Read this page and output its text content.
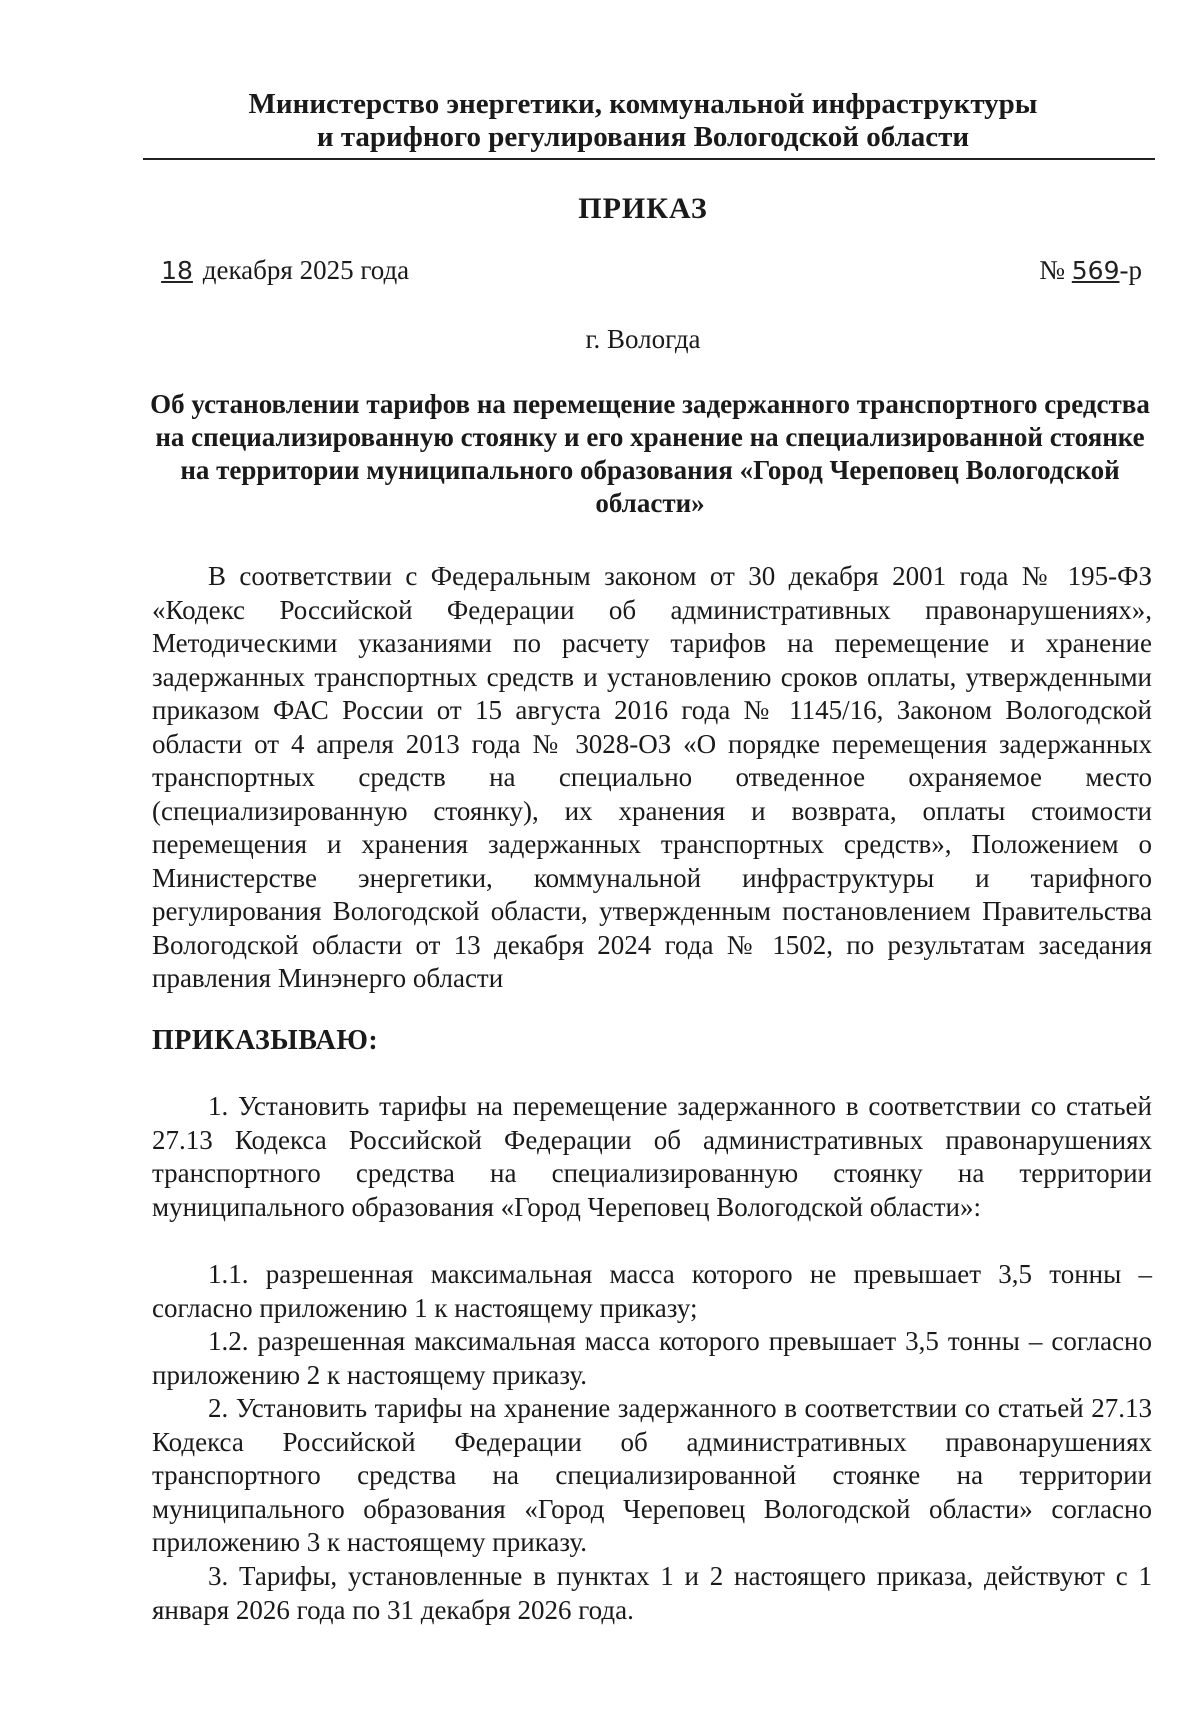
Министерство энергетики, коммунальной инфраструктуры
и тарифного регулирования Вологодской области
ПРИКАЗ
18 декабря 2025 года	№ 569-р
г. Вологда
Об установлении тарифов на перемещение задержанного транспортного средства на специализированную стоянку и его хранение на специализированной стоянке на территории муниципального образования «Город Череповец Вологодской области»
В соответствии с Федеральным законом от 30 декабря 2001 года № 195-ФЗ «Кодекс Российской Федерации об административных правонарушениях», Методическими указаниями по расчету тарифов на перемещение и хранение задержанных транспортных средств и установлению сроков оплаты, утвержденными приказом ФАС России от 15 августа 2016 года № 1145/16, Законом Вологодской области от 4 апреля 2013 года № 3028-ОЗ «О порядке перемещения задержанных транспортных средств на специально отведенное охраняемое место (специализированную стоянку), их хранения и возврата, оплаты стоимости перемещения и хранения задержанных транспортных средств», Положением о Министерстве энергетики, коммунальной инфраструктуры и тарифного регулирования Вологодской области, утвержденным постановлением Правительства Вологодской области от 13 декабря 2024 года № 1502, по результатам заседания правления Минэнерго области
ПРИКАЗЫВАЮ:
1. Установить тарифы на перемещение задержанного в соответствии со статьей 27.13 Кодекса Российской Федерации об административных правонарушениях транспортного средства на специализированную стоянку на территории муниципального образования «Город Череповец Вологодской области»:
1.1. разрешенная максимальная масса которого не превышает 3,5 тонны – согласно приложению 1 к настоящему приказу;
1.2. разрешенная максимальная масса которого превышает 3,5 тонны – согласно приложению 2 к настоящему приказу.
2. Установить тарифы на хранение задержанного в соответствии со статьей 27.13 Кодекса Российской Федерации об административных правонарушениях транспортного средства на специализированной стоянке на территории муниципального образования «Город Череповец Вологодской области» согласно приложению 3 к настоящему приказу.
3. Тарифы, установленные в пунктах 1 и 2 настоящего приказа, действуют с 1 января 2026 года по 31 декабря 2026 года.
